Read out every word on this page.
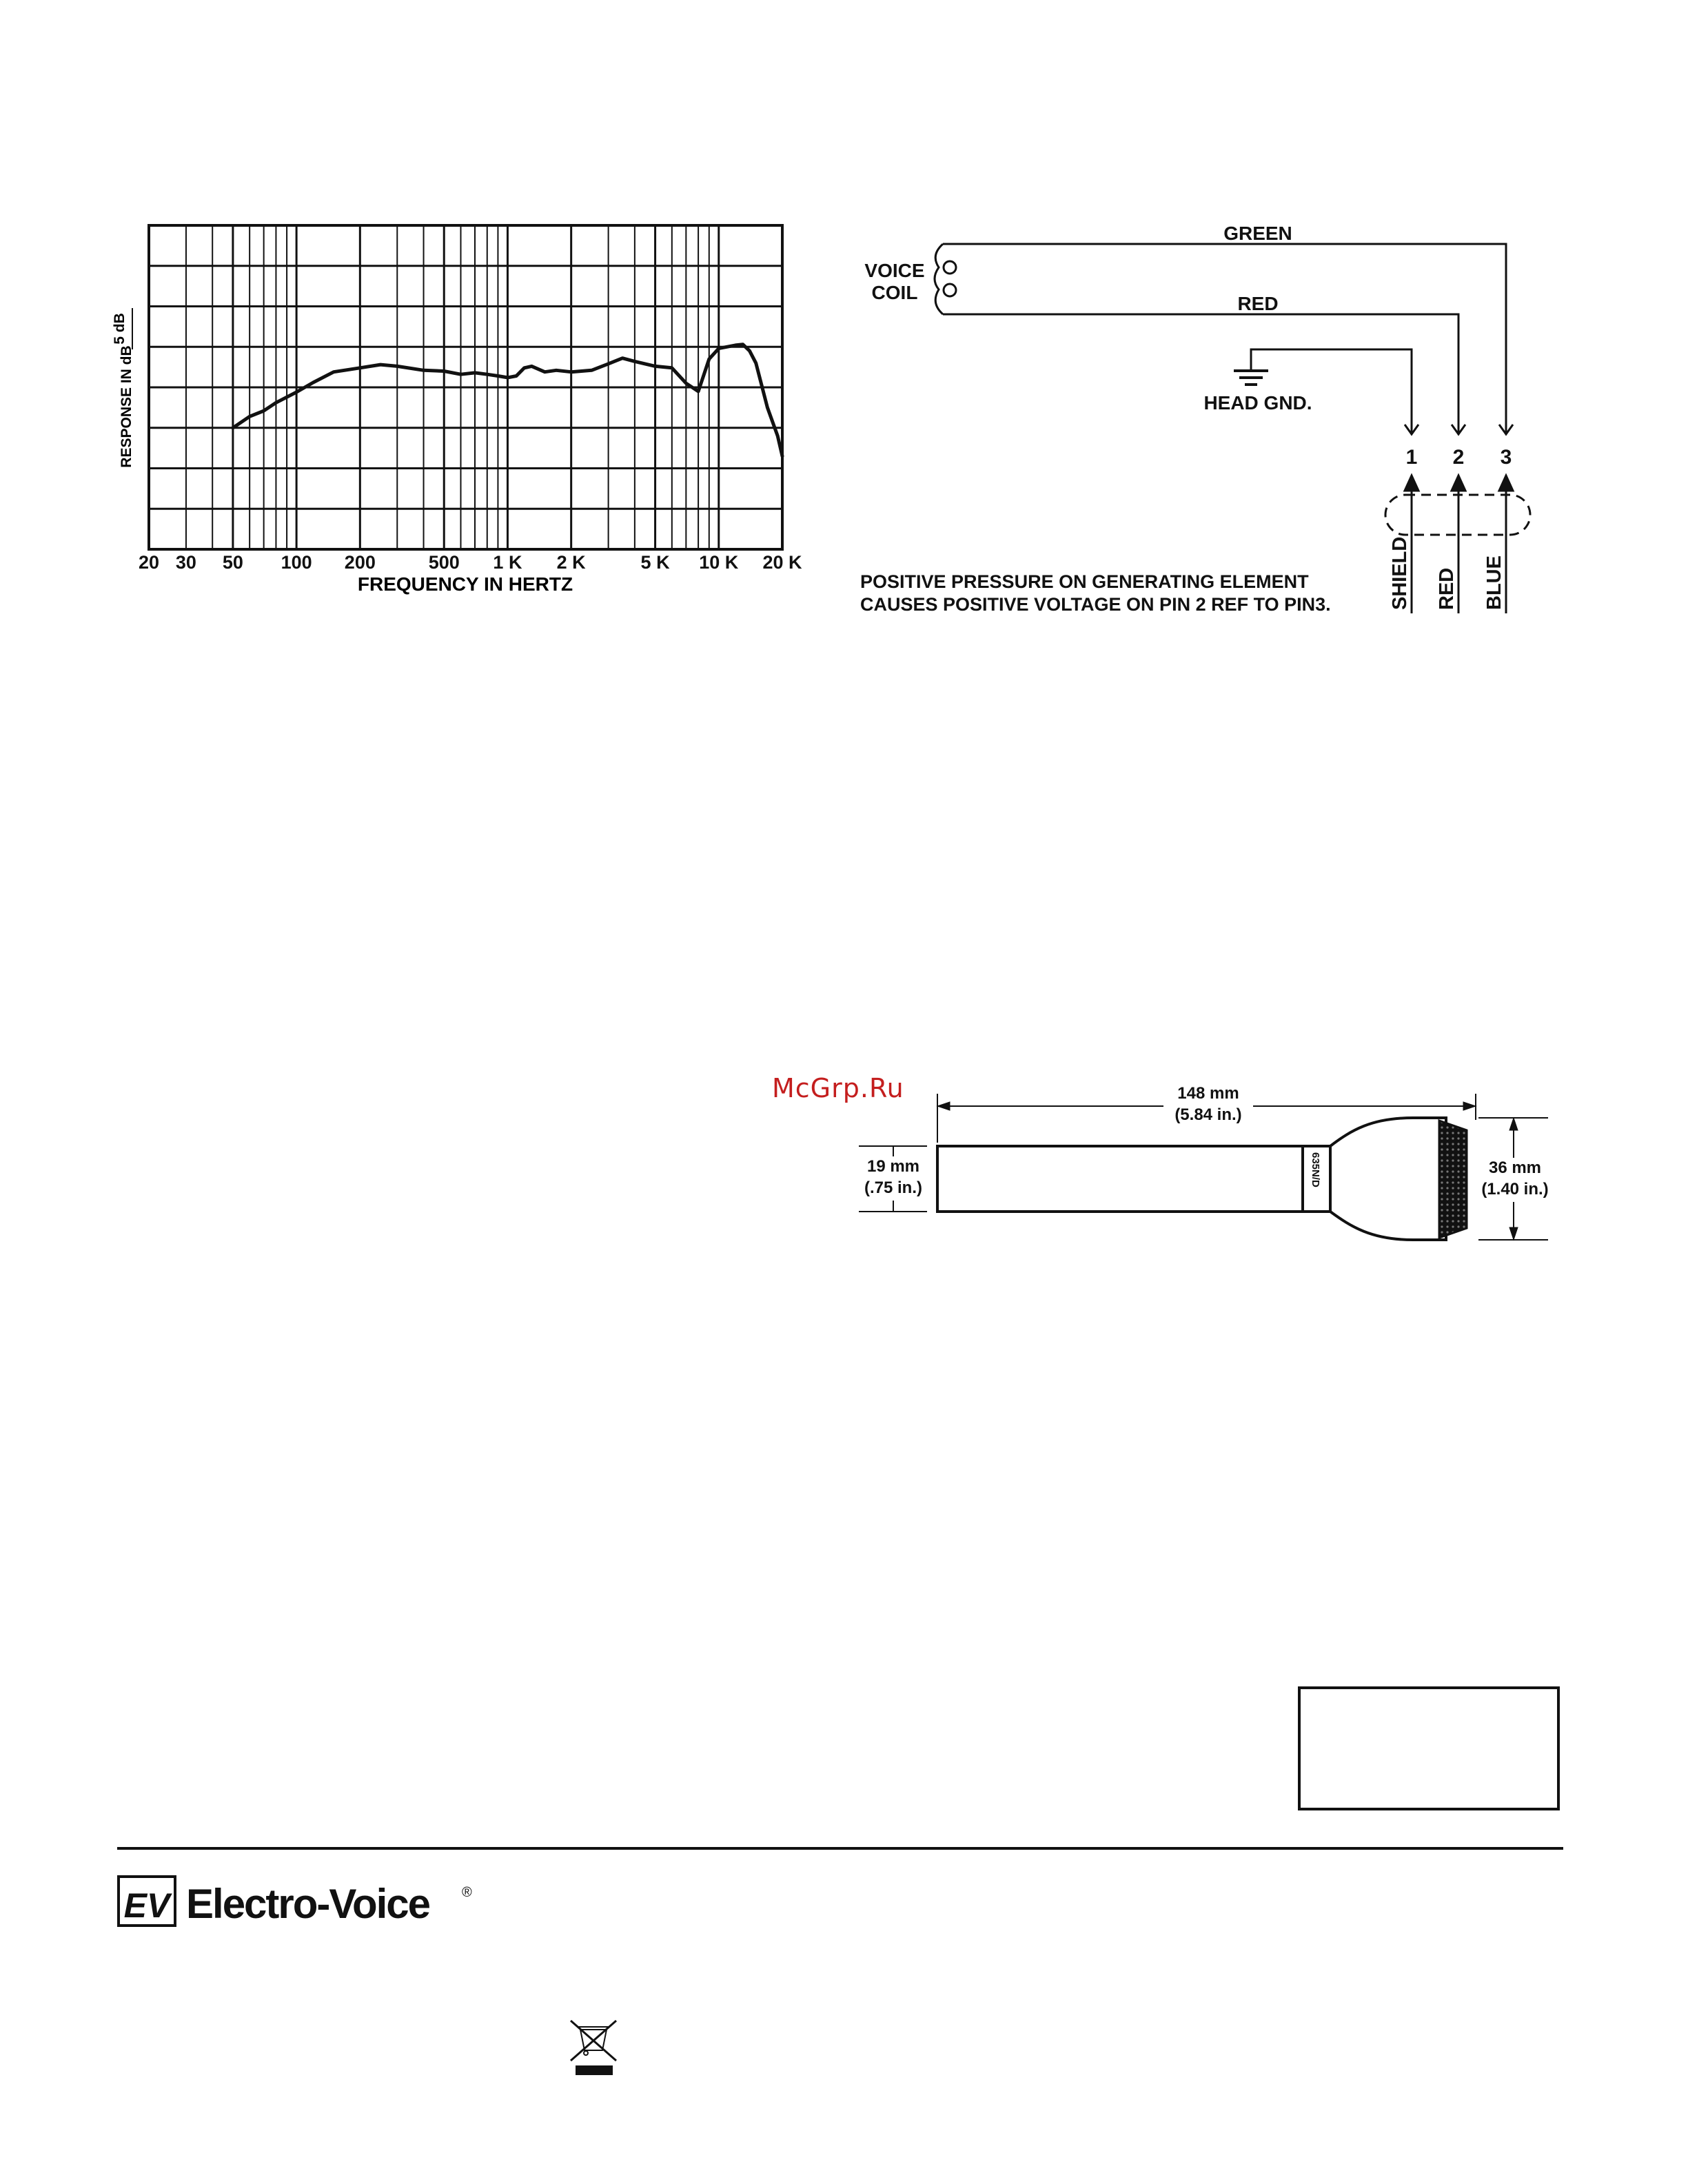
20 30 50 100 200	500 1 K 2 K	5 K 10 K 20 K
RESPONSE IN dB
5 dB
FREQUENCY IN HERTZ
VOICE
COIL
GREEN
RED
HEAD GND.
1 2 3
SHIELD RED BLUE
POSITIVE PRESSURE ON GENERATING ELEMENT
CAUSES POSITIVE VOLTAGE ON PIN 2 REF TO PIN3.
McGrp.Ru	148 mm
(5.84 in.)
19 mm
(.75 in.)
36 mm
(1.40 in.)
635N/D
EV Electro-Voice ®
